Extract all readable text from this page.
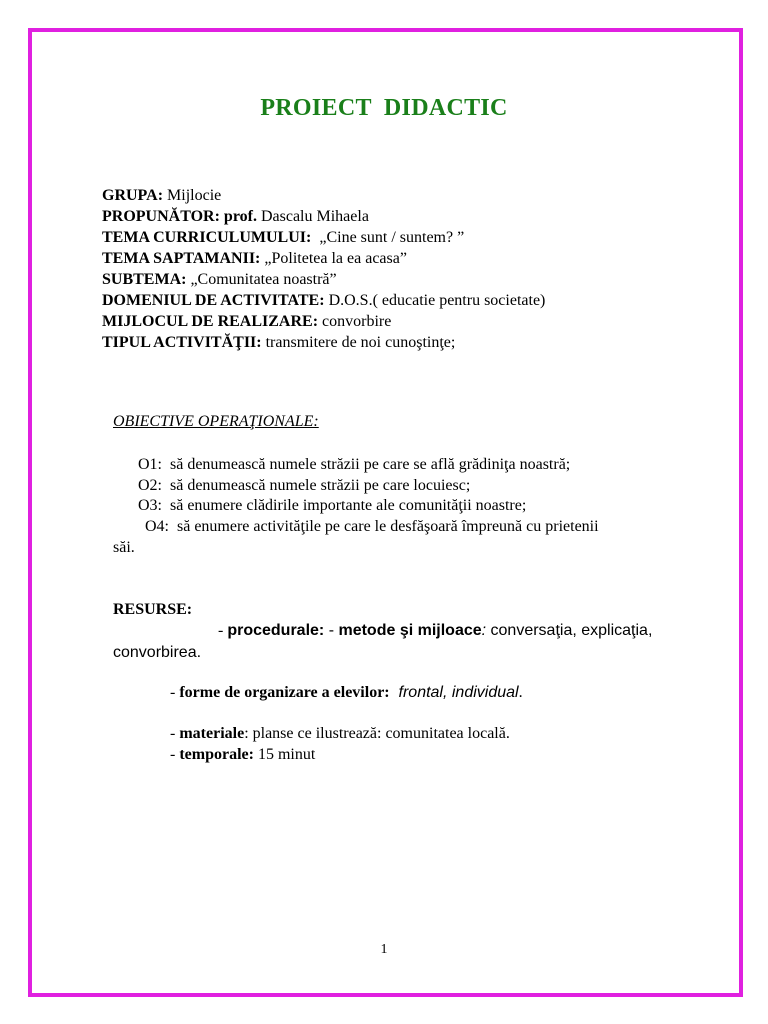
PROIECT  DIDACTIC
GRUPA: Mijlocie
PROPUNĂTOR: prof. Dascalu Mihaela
TEMA CURRICULUMULUI:  „Cine sunt / suntem? ”
TEMA SAPTAMANII: „Politetea la ea acasa”
SUBTEMA: „Comunitatea noastră”
DOMENIUL DE ACTIVITATE: D.O.S.( educatie pentru societate)
MIJLOCUL DE REALIZARE: convorbire
TIPUL ACTIVITĂŢII: transmitere de noi cunoştinţe;
OBIECTIVE OPERAŢIONALE:
O1:  să denumească numele străzii pe care se află grădiniţa noastră;
O2:  să denumească numele străzii pe care locuiesc;
O3:  să enumere clădirile importante ale comunităţii noastre;
O4:  să enumere activităţile pe care le desfăşoară împreună cu prietenii
săi.
RESURSE:
- procedurale: - metode şi mijloace: conversaţia, explicaţia,
convorbirea.
- forme de organizare a elevilor:  frontal, individual.
- materiale: planse ce ilustrează: comunitatea locală.
- temporale: 15 minut
1
